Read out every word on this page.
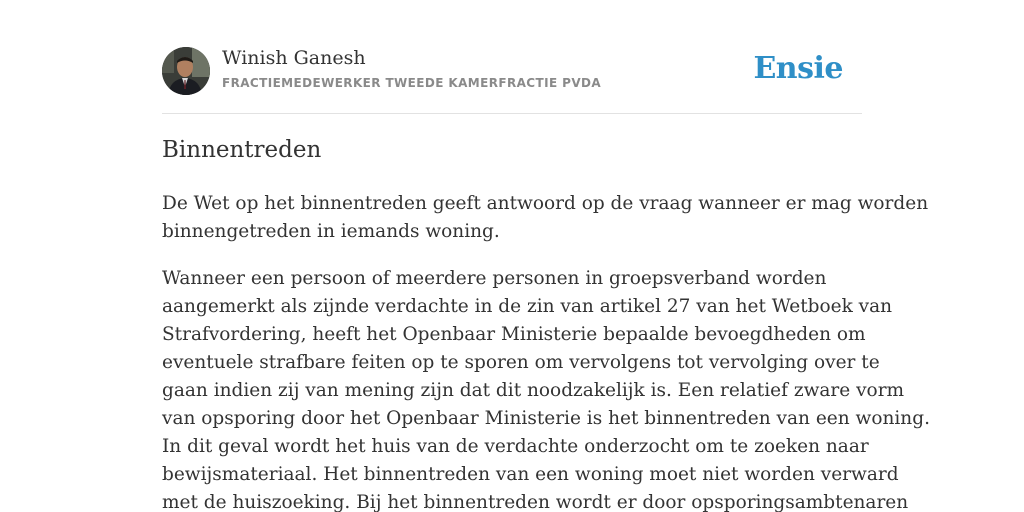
Winish Ganesh
FRACTIEMEDEWERKER TWEEDE KAMERFRACTIE PVDA	Ensie
Binnentreden

De Wet op het binnentreden geeft antwoord op de vraag wanneer er mag worden
binnengetreden in iemands woning.

Wanneer een persoon of meerdere personen in groepsverband worden
aangemerkt als zijnde verdachte in de zin van artikel 27 van het Wetboek van
Strafvordering, heeft het Openbaar Ministerie bepaalde bevoegdheden om
eventuele strafbare feiten op te sporen om vervolgens tot vervolging over te
gaan indien zij van mening zijn dat dit noodzakelijk is. Een relatief zware vorm
van opsporing door het Openbaar Ministerie is het binnentreden van een woning.
In dit geval wordt het huis van de verdachte onderzocht om te zoeken naar
bewijsmateriaal. Het binnentreden van een woning moet niet worden verward
met de huiszoeking. Bij het binnentreden wordt er door opsporingsambtenaren
